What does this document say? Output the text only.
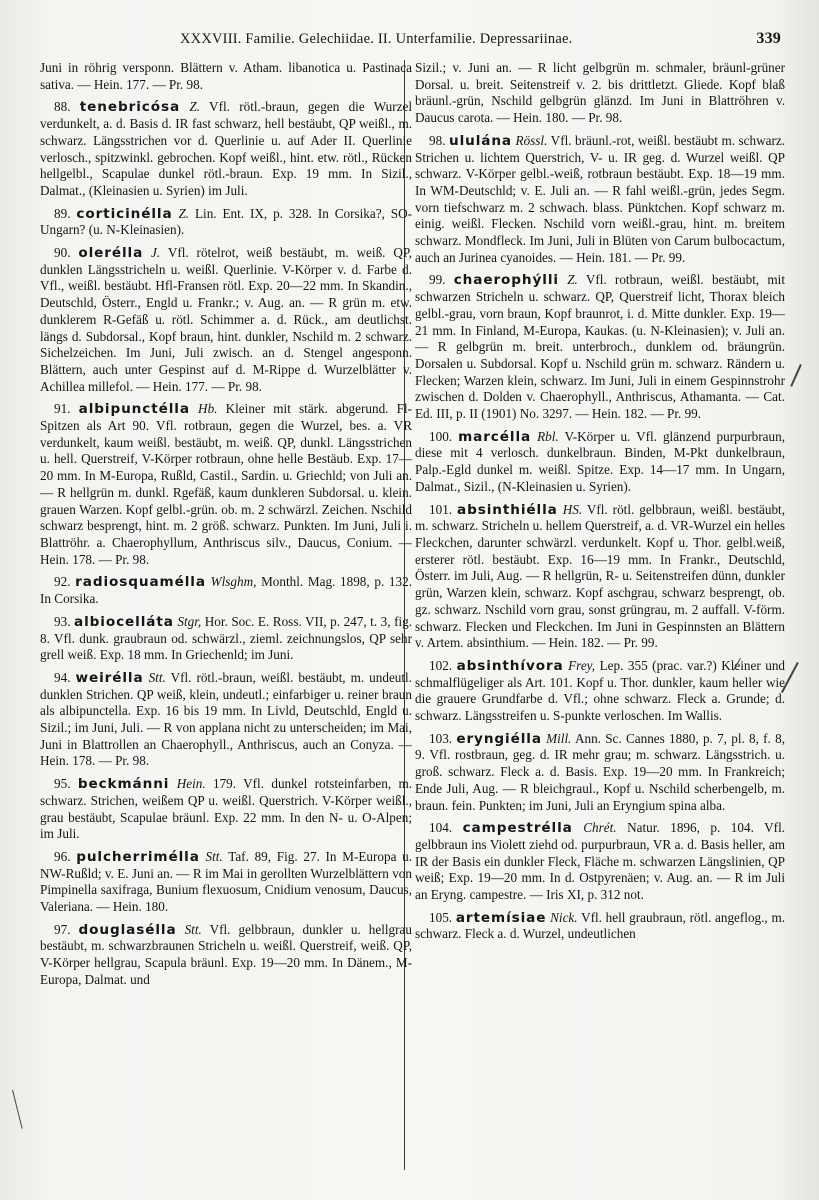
XXXVIII. Familie. Gelechiidae. II. Unterfamilie. Depressariinae.	339

Juni in röhrig versponn. Blättern v. Atham. libanotica u. Pastinaca sativa. — Hein. 177. — Pr. 98.

88. tenebricósa Z. Vfl. rötl.-braun, gegen die Wurzel verdunkelt, a. d. Basis d. IR fast schwarz, hell bestäubt, QP weißl., m. schwarz. Längsstrichen vor d. Querlinie u. auf Ader II. Querlinie verlosch., spitzwinkl. gebrochen. Kopf weißl., hint. etw. rötl., Rücken hellgelbl., Scapulae dunkel rötl.-braun. Exp. 19 mm. In Sizil., Dalmat., (Kleinasien u. Syrien) im Juli.

89. corticinélla Z. Lin. Ent. IX, p. 328. In Corsika?, SO-Ungarn? (u. N-Kleinasien).

90. olerélla J. Vfl. rötelrot, weiß bestäubt, m. weiß. QP, dunklen Längsstricheln u. weißl. Querlinie. V-Körper v. d. Farbe d. Vfl., weißl. bestäubt. Hfl-Fransen rötl. Exp. 20—22 mm. In Skandin., Deutschld, Österr., Engld u. Frankr.; v. Aug. an. — R grün m. etw. dunklerem R-Gefäß u. rötl. Schimmer a. d. Rück., am deutlichst. längs d. Subdorsal., Kopf braun, hint. dunkler, Nschild m. 2 schwarz. Sichelzeichen. Im Juni, Juli zwisch. an d. Stengel angesponn. Blättern, auch unter Gespinst auf d. M-Rippe d. Wurzelblätter v. Achillea millefol. — Hein. 177. — Pr. 98.

91. albipunctélla Hb. Kleiner mit stärk. abgerund. Fl-Spitzen als Art 90. Vfl. rotbraun, gegen die Wurzel, bes. a. VR verdunkelt, kaum weißl. bestäubt, m. weiß. QP, dunkl. Längsstrichen u. hell. Querstreif, V-Körper rotbraun, ohne helle Bestäub. Exp. 17—20 mm. In M-Europa, Rußld, Castil., Sardin. u. Griechld; von Juli an. — R hellgrün m. dunkl. Rgefäß, kaum dunkleren Subdorsal. u. klein. grauen Warzen. Kopf gelbl.-grün. ob. m. 2 schwärzl. Zeichen. Nschild schwarz besprengt, hint. m. 2 größ. schwarz. Punkten. Im Juni, Juli i. Blattröhr. a. Chaerophyllum, Anthriscus silv., Daucus, Conium. — Hein. 178. — Pr. 98.

92. radiosquamélla Wlsghm, Monthl. Mag. 1898, p. 132. In Corsika.

93. albiocelláta Stgr, Hor. Soc. E. Ross. VII, p. 247, t. 3, fig. 8. Vfl. dunk. graubraun od. schwärzl., zieml. zeichnungslos, QP sehr grell weiß. Exp. 18 mm. In Griechenld; im Juni.

94. weirélla Stt. Vfl. rötl.-braun, weißl. bestäubt, m. undeutl. dunklen Strichen. QP weiß, klein, undeutl.; einfarbiger u. reiner braun als albipunctella. Exp. 16 bis 19 mm. In Livld, Deutschld, Engld u. Sizil.; im Juni, Juli. — R von applana nicht zu unterscheiden; im Mai, Juni in Blattrollen an Chaerophyll., Anthriscus, auch an Conyza. — Hein. 178. — Pr. 98.

95. beckmánni Hein. 179. Vfl. dunkel rotsteinfarben, m. schwarz. Strichen, weißem QP u. weißl. Querstrich. V-Körper weißl., grau bestäubt, Scapulae bräunl. Exp. 22 mm. In den N- u. O-Alpen; im Juli.

96. pulcherrimélla Stt. Taf. 89, Fig. 27. In M-Europa u. NW-Rußld; v. E. Juni an. — R im Mai in gerollten Wurzelblättern von Pimpinella saxifraga, Bunium flexuosum, Cnidium venosum, Daucus, Valeriana. — Hein. 180.

97. douglasélla Stt. Vfl. gelbbraun, dunkler u. hellgrau bestäubt, m. schwarzbraunen Stricheln u. weißl. Querstreif, weiß. QP, V-Körper hellgrau, Scapula bräunl. Exp. 19—20 mm. In Dänem., M-Europa, Dalmat. und

Sizil.; v. Juni an. — R licht gelbgrün m. schmaler, bräunl-grüner Dorsal. u. breit. Seitenstreif v. 2. bis drittletzt. Gliede. Kopf blaß bräunl.-grün, Nschild gelbgrün glänzd. Im Juni in Blattröhren v. Daucus carota. — Hein. 180. — Pr. 98.

98. ululána Rössl. Vfl. bräunl.-rot, weißl. bestäubt m. schwarz. Strichen u. lichtem Querstrich, V- u. IR geg. d. Wurzel weißl. QP schwarz. V-Körper gelbl.-weiß, rotbraun bestäubt. Exp. 18—19 mm. In WM-Deutschld; v. E. Juli an. — R fahl weißl.-grün, jedes Segm. vorn tiefschwarz m. 2 schwach. blass. Pünktchen. Kopf schwarz m. einig. weißl. Flecken. Nschild vorn weißl.-grau, hint. m. breitem schwarz. Mondfleck. Im Juni, Juli in Blüten von Carum bulbocactum, auch an Jurinea cyanoides. — Hein. 181. — Pr. 99.

99. chaerophýlli Z. Vfl. rotbraun, weißl. bestäubt, mit schwarzen Stricheln u. schwarz. QP, Querstreif licht, Thorax bleich gelbl.-grau, vorn braun, Kopf braunrot, i. d. Mitte dunkler. Exp. 19—21 mm. In Finland, M-Europa, Kaukas. (u. N-Kleinasien); v. Juli an. — R gelbgrün m. breit. unterbroch., dunklem od. bräungrün. Dorsalen u. Subdorsal. Kopf u. Nschild grün m. schwarz. Rändern u. Flecken; Warzen klein, schwarz. Im Juni, Juli in einem Gespinnstrohr zwischen d. Dolden v. Chaerophyll., Anthriscus, Athamanta. — Cat. Ed. III, p. II (1901) No. 3297. — Hein. 182. — Pr. 99.

100. marcélla Rbl. V-Körper u. Vfl. glänzend purpurbraun, diese mit 4 verlosch. dunkelbraun. Binden, M-Pkt dunkelbraun, Palp.-Egld dunkel m. weißl. Spitze. Exp. 14—17 mm. In Ungarn, Dalmat., Sizil., (N-Kleinasien u. Syrien).

101. absinthiélla HS. Vfl. rötl. gelbbraun, weißl. bestäubt, m. schwarz. Stricheln u. hellem Querstreif, a. d. VR-Wurzel ein helles Fleckchen, darunter schwärzl. verdunkelt. Kopf u. Thor. gelbl.weiß, ersterer rötl. bestäubt. Exp. 16—19 mm. In Frankr., Deutschld, Österr. im Juli, Aug. — R hellgrün, R- u. Seitenstreifen dünn, dunkler grün, Warzen klein, schwarz. Kopf aschgrau, schwarz besprengt, ob. gz. schwarz. Nschild vorn grau, sonst grüngrau, m. 2 auffall. V-förm. schwarz. Flecken und Fleckchen. Im Juni in Gespinnsten an Blättern v. Artem. absinthium. — Hein. 182. — Pr. 99.

102. absinthívora Frey, Lep. 355 (prac. var.?) Kleiner und schmalflügeliger als Art. 101. Kopf u. Thor. dunkler, kaum heller wie die grauere Grundfarbe d. Vfl.; ohne schwarz. Fleck a. Grunde; d. schwarz. Längsstreifen u. S-punkte verloschen. Im Wallis.

103. eryngiélla Mill. Ann. Sc. Cannes 1880, p. 7, pl. 8, f. 8, 9. Vfl. rostbraun, geg. d. IR mehr grau; m. schwarz. Längsstrich. u. groß. schwarz. Fleck a. d. Basis. Exp. 19—20 mm. In Frankreich; Ende Juli, Aug. — R bleichgraul., Kopf u. Nschild scherbengelb, m. braun. fein. Punkten; im Juni, Juli an Eryngium spina alba.

104. campestrélla Chrét. Natur. 1896, p. 104. Vfl. gelbbraun ins Violett ziehd od. purpurbraun, VR a. d. Basis heller, am IR der Basis ein dunkler Fleck, Fläche m. schwarzen Längslinien, QP weiß; Exp. 19—20 mm. In d. Ostpyrenäen; v. Aug. an. — R im Juli an Eryng. campestre. — Iris XI, p. 312 not.

105. artemísiae Nick. Vfl. hell graubraun, rötl. angeflog., m. schwarz. Fleck a. d. Wurzel, undeutlichen
